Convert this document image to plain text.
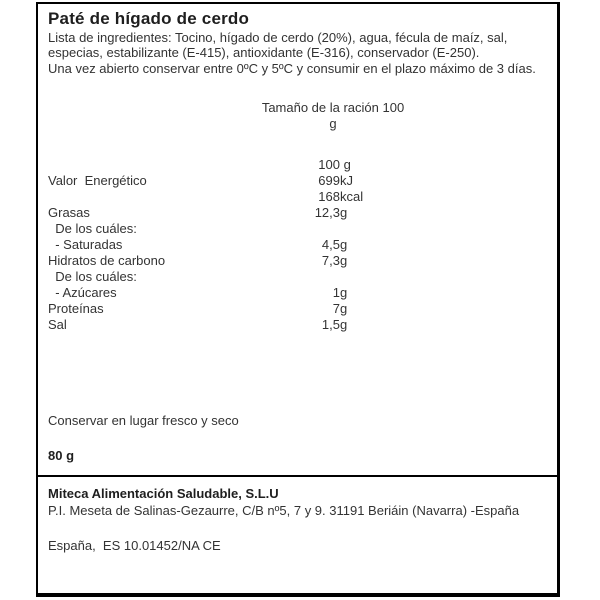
Paté de hígado de cerdo
Lista de ingredientes: Tocino, hígado de cerdo (20%), agua, fécula de maíz, sal, especias, estabilizante (E-415), antioxidante (E-316), conservador (E-250).
Una vez abierto conservar entre 0ºC y 5ºC y consumir en el plazo máximo de 3 días.
Tamaño de la ración 100
g
100 g
Valor  Energético	699 kJ
168 kcal
Grasas	12,3 g
De los cuáles:
- Saturadas	4,5 g
Hidratos de carbono	7,3 g
De los cuáles:
- Azúcares	1 g
Proteínas	7 g
Sal	1,5 g
Conservar en lugar fresco y seco
80 g
Miteca Alimentación Saludable, S.L.U
P.I. Meseta de Salinas-Gezaurre, C/B nº5, 7 y 9. 31191 Beriáin (Navarra) -España
España,  ES 10.01452/NA CE
